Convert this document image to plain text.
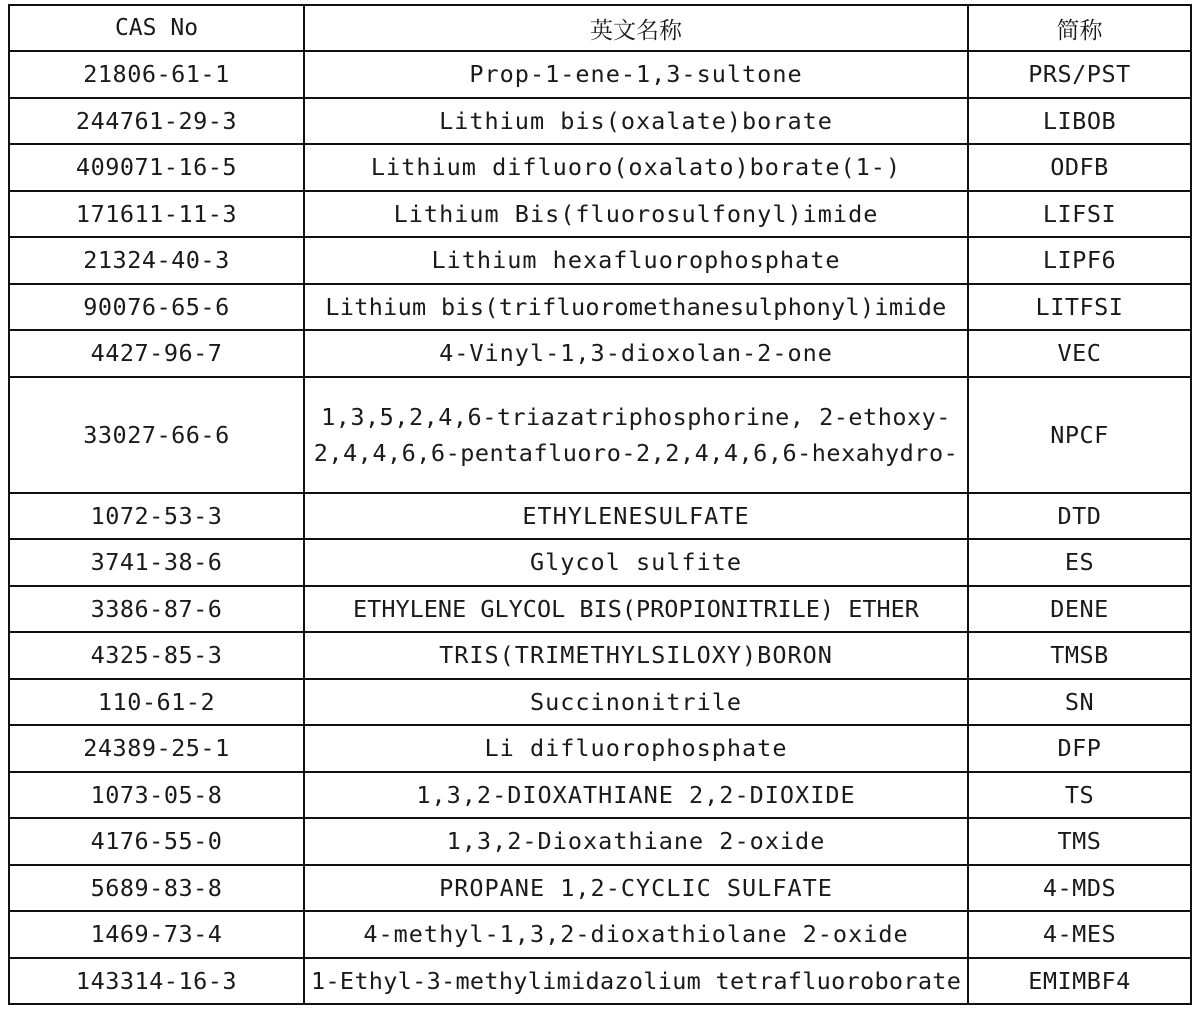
CAS No	英文名称	简称
21806-61-1	Prop-1-ene-1,3-sultone	PRS/PST
244761-29-3	Lithium bis(oxalate)borate	LIBOB
409071-16-5	Lithium difluoro(oxalato)borate(1-)	ODFB
171611-11-3	Lithium Bis(fluorosulfonyl)imide	LIFSI
21324-40-3	Lithium hexafluorophosphate	LIPF6
90076-65-6	Lithium bis(trifluoromethanesulphonyl)imide	LITFSI
4427-96-7	4-Vinyl-1,3-dioxolan-2-one	VEC
33027-66-6	1,3,5,2,4,6-triazatriphosphorine, 2-ethoxy-
2,4,4,6,6-pentafluoro-2,2,4,4,6,6-hexahydro-	NPCF
1072-53-3	ETHYLENESULFATE	DTD
3741-38-6	Glycol sulfite	ES
3386-87-6	ETHYLENE GLYCOL BIS(PROPIONITRILE) ETHER	DENE
4325-85-3	TRIS(TRIMETHYLSILOXY)BORON	TMSB
110-61-2	Succinonitrile	SN
24389-25-1	Li difluorophosphate	DFP
1073-05-8	1,3,2-DIOXATHIANE 2,2-DIOXIDE	TS
4176-55-0	1,3,2-Dioxathiane 2-oxide	TMS
5689-83-8	PROPANE 1,2-CYCLIC SULFATE	4-MDS
1469-73-4	4-methyl-1,3,2-dioxathiolane 2-oxide	4-MES
143314-16-3	1-Ethyl-3-methylimidazolium tetrafluoroborate	EMIMBF4
